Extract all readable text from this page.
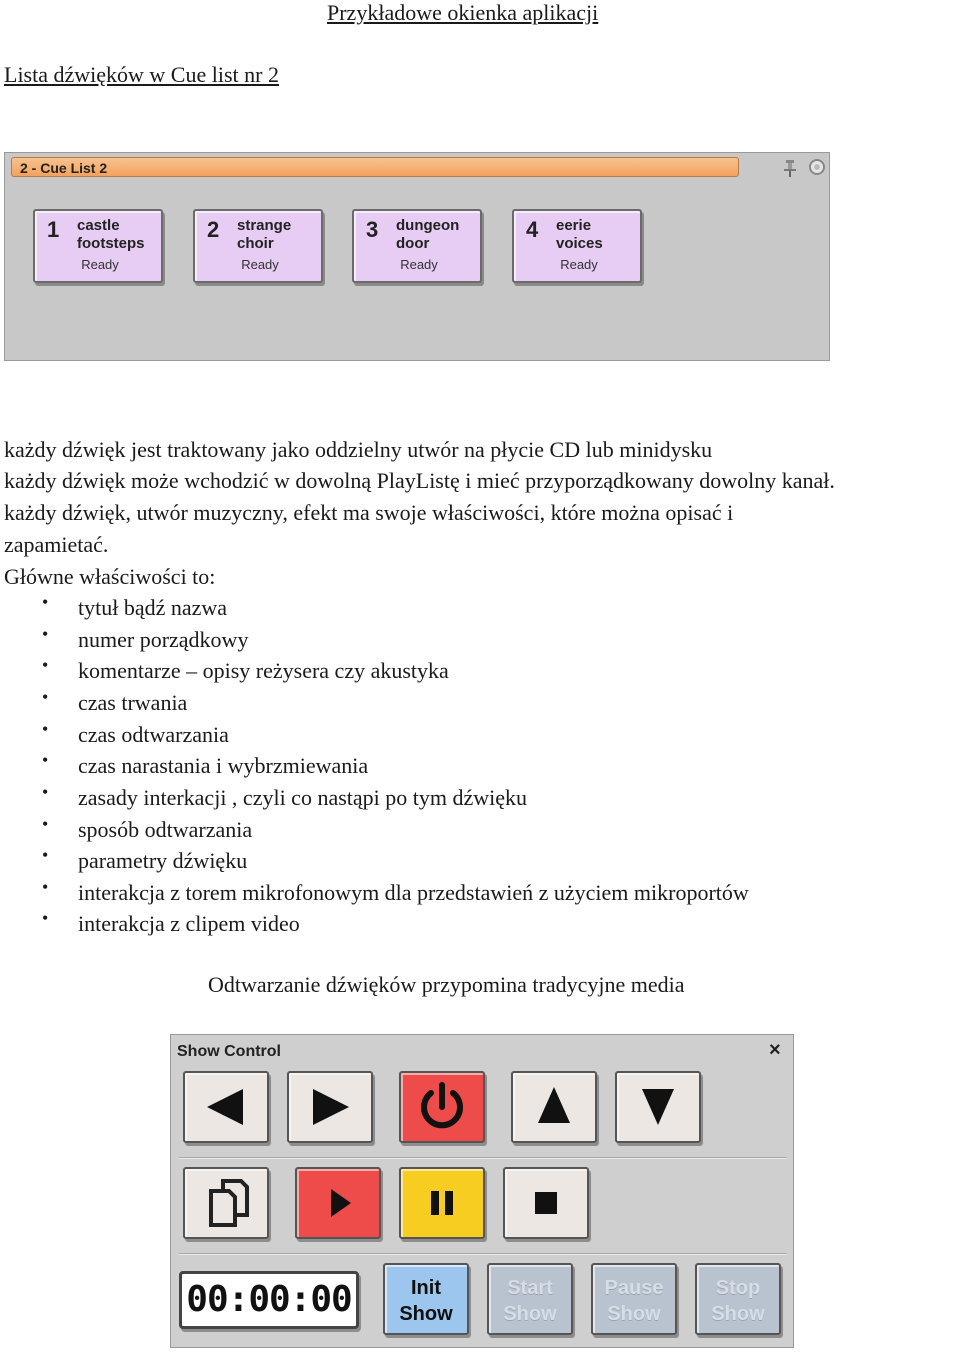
Przykładowe okienka aplikacji
Lista dźwięków w Cue list nr 2
2 - Cue List 2
1 castle
footsteps
Ready
2 strange
choir
Ready
3 dungeon
door
Ready
4 eerie
voices
Ready
każdy dźwięk jest traktowany jako oddzielny utwór na płycie CD lub minidysku
każdy dźwięk może wchodzić w dowolną PlayListę i mieć przyporządkowany dowolny kanał.
każdy dźwięk, utwór muzyczny, efekt ma swoje właściwości, które można opisać i
zapamietać.
Główne właściwości to:
• tytuł bądź nazwa
• numer porządkowy
• komentarze – opisy reżysera czy akustyka
• czas trwania
• czas odtwarzania
• czas narastania i wybrzmiewania
• zasady interkacji , czyli co nastąpi po tym dźwięku
• sposób odtwarzania
• parametry dźwięku
• interakcja z torem mikrofonowym dla przedstawień z użyciem mikroportów
• interakcja z clipem video
Odtwarzanie dźwięków przypomina tradycyjne media
Show Control	×
00:00:00	Init
Show
Start
Show
Pause
Show
Stop
Show
